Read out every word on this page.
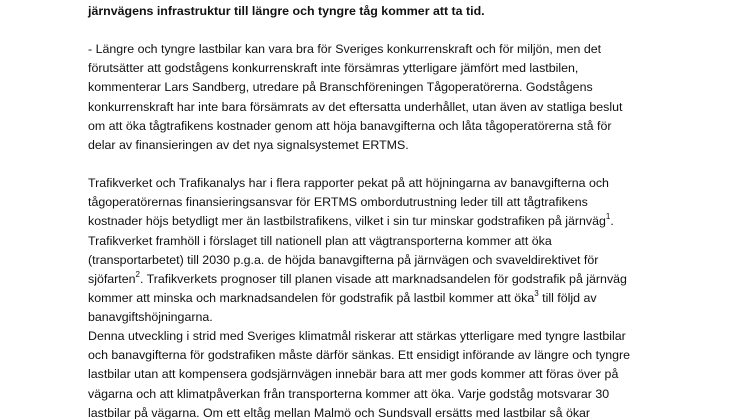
järnvägens infrastruktur till längre och tyngre tåg kommer att ta tid.

- Längre och tyngre lastbilar kan vara bra för Sveriges konkurrenskraft och för miljön, men det
förutsätter att godstågens konkurrenskraft inte försämras ytterligare jämfört med lastbilen,
kommenterar Lars Sandberg, utredare på Branschföreningen Tågoperatörerna. Godstågens
konkurrenskraft har inte bara försämrats av det eftersatta underhållet, utan även av statliga beslut
om att öka tågtrafikens kostnader genom att höja banavgifterna och låta tågoperatörerna stå för
delar av finansieringen av det nya signalsystemet ERTMS.

Trafikverket och Trafikanalys har i flera rapporter pekat på att höjningarna av banavgifterna och
tågoperatörernas finansieringsansvar för ERTMS ombordutrustning leder till att tågtrafikens
kostnader höjs betydligt mer än lastbilstrafikens, vilket i sin tur minskar godstrafiken på järnväg$^1$.
Trafikverket framhöll i förslaget till nationell plan att vägtransporterna kommer att öka
(transportarbetet) till 2030 p.g.a. de höjda banavgifterna på järnvägen och svaveldirektivet för
sjöfarten$^2$. Trafikverkets prognoser till planen visade att marknadsandelen för godstrafik på järnväg
kommer att minska och marknadsandelen för godstrafik på lastbil kommer att öka$^3$ till följd av
banavgiftshöjningarna.

Denna utveckling i strid med Sveriges klimatmål riskerar att stärkas ytterligare med tyngre lastbilar
och banavgifterna för godstrafiken måste därför sänkas. Ett ensidigt införande av längre och tyngre
lastbilar utan att kompensera godsjärnvägen innebär bara att mer gods kommer att föras över på
vägarna och att klimatpåverkan från transporterna kommer att öka. Varje godståg motsvarar 30
lastbilar på vägarna. Om ett eltåg mellan Malmö och Sundsvall ersätts med lastbilar så ökar
